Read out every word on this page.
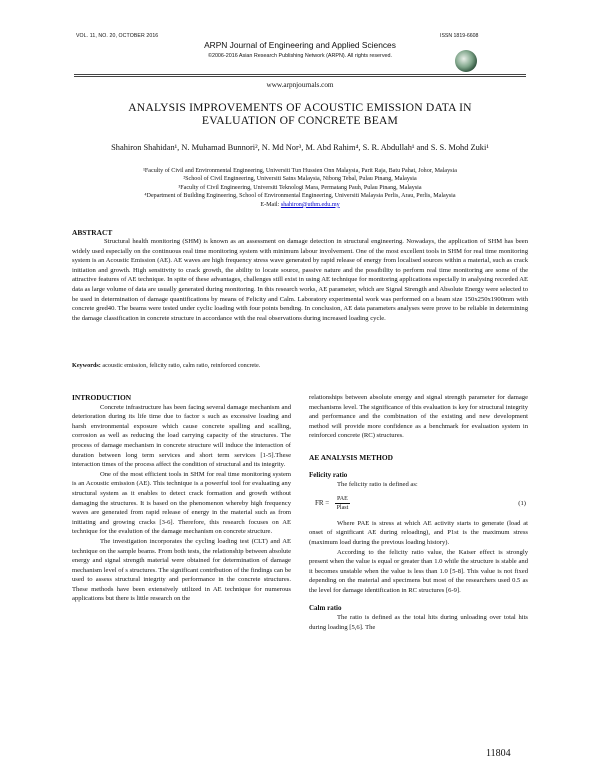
VOL. 11, NO. 20, OCTOBER 2016	ISSN 1819-6608
ARPN Journal of Engineering and Applied Sciences
©2006-2016 Asian Research Publishing Network (ARPN). All rights reserved.
www.arpnjournals.com
ANALYSIS IMPROVEMENTS OF ACOUSTIC EMISSION DATA IN
EVALUATION OF CONCRETE BEAM
Shahiron Shahidan¹, N. Muhamad Bunnori², N. Md Nor³, M. Abd Rahim⁴, S. R. Abdullah¹ and S. S. Mohd Zuki¹
¹Faculty of Civil and Environmental Engineering, Universiti Tun Hussien Onn Malaysia, Parit Raja, Batu Pahat, Johor, Malaysia
²School of Civil Engineering, Universiti Sains Malaysia, Nibong Tebal, Pulau Pinang, Malaysia
³Faculty of Civil Engineering, Universiti Teknologi Mara, Permatang Pauh, Pulau Pinang, Malaysia
⁴Department of Building Engineering, School of Environmental Engineering, Universiti Malaysia Perlis, Arau, Perlis, Malaysia
E-Mail: shahiron@uthm.edu.my
ABSTRACT
Structural health monitoring (SHM) is known as an assessment on damage detection in structural engineering. Nowadays, the application of SHM has been widely used especially on the continuous real time monitoring system with minimum labour involvement. One of the most excellent tools in SHM for real time monitoring system is an Acoustic Emission (AE). AE waves are high frequency stress wave generated by rapid release of energy from localised sources within a material, such as crack initiation and growth. High sensitivity to crack growth, the ability to locate source, passive nature and the possibility to perform real time monitoring are some of the attractive features of AE technique. In spite of these advantages, challenges still exist in using AE technique for monitoring applications especially in analysing recorded AE data as large volume of data are usually generated during monitoring. In this research works, AE parameter, which are Signal Strength and Absolute Energy were selected to be used in determination of damage quantifications by means of Felicity and Calm. Laboratory experimental work was performed on a beam size 150x250x1900mm with concrete gred40. The beams were tested under cyclic loading with four points bending. In conclusion, AE data parameters analyses were prove to be reliable in determining the damage classification in concrete structure in accordance with the real observations during increased loading cycle.
Keywords: acoustic emission, felicity ratio, calm ratio, reinforced concrete.

INTRODUCTION

Concrete infrastructure has been facing several damage mechanism and deterioration during its life time due to factor s such as excessive loading and harsh environmental exposure which cause concrete spalling and scalling, corrosion as well as reducing the load carrying capacity of the structures. The process of damage mechanism in concrete structure will induce the interaction of duration between long term services and short term services [1-5].These interaction times of the process affect the condition of structural and its integrity.

One of the most efficient tools in SHM for real time monitoring system is an Acoustic emission (AE). This technique is a powerful tool for evaluating any structural system as it enables to detect crack formation and growth without damaging the structures. It is based on the phenomenon whereby high frequency waves are generated from rapid release of energy in the material such as from initiating and growing cracks [3-6]. Therefore, this research focuses on AE technique for the evalution of the damage mechanism on concrete structure.

The investigation incorporates the cycling loading test (CLT) and AE technique on the sample beams. From both tests, the relationship between absolute energy and signal strength material were obtained for determination of damage mechanism level of s structures. The significant contribution of the findings can be used to assess structural integrity and performance in the concrete structures. These methods have been extensively utilized in AE technique for numerous applications but there is little research on the

relationships between absolute energy and signal strength parameter for damage mechanisms level. The significance of this evaluation is key for structural integrity and performance and the combination of the existing and new development method will provide more confidence as a benchmark for evaluation system in reinforced concrete (RC) structures.

AE ANALYSIS METHOD

Felicity ratio

The felicity ratio is defined as:

FR = $\frac{\text{PAE}}{\text{Plast}}$	(1)

Where PAE is stress at which AE activity starts to generate (load at onset of significant AE during reloading), and P1st is the maximum stress (maximum load during the previous loading history).

According to the felicity ratio value, the Kaiser effect is strongly present when the value is equal or greater than 1.0 while the structure is stable and it becomes unstable when the value is less than 1.0 [5-8]. This value is not fixed depending on the material and specimens but most of the researchers used 0.5 as the level for damage identification in RC structures [6-9].

Calm ratio

The ratio is defined as the total hits during unloading over total hits during loading [5,6]. The

11804
